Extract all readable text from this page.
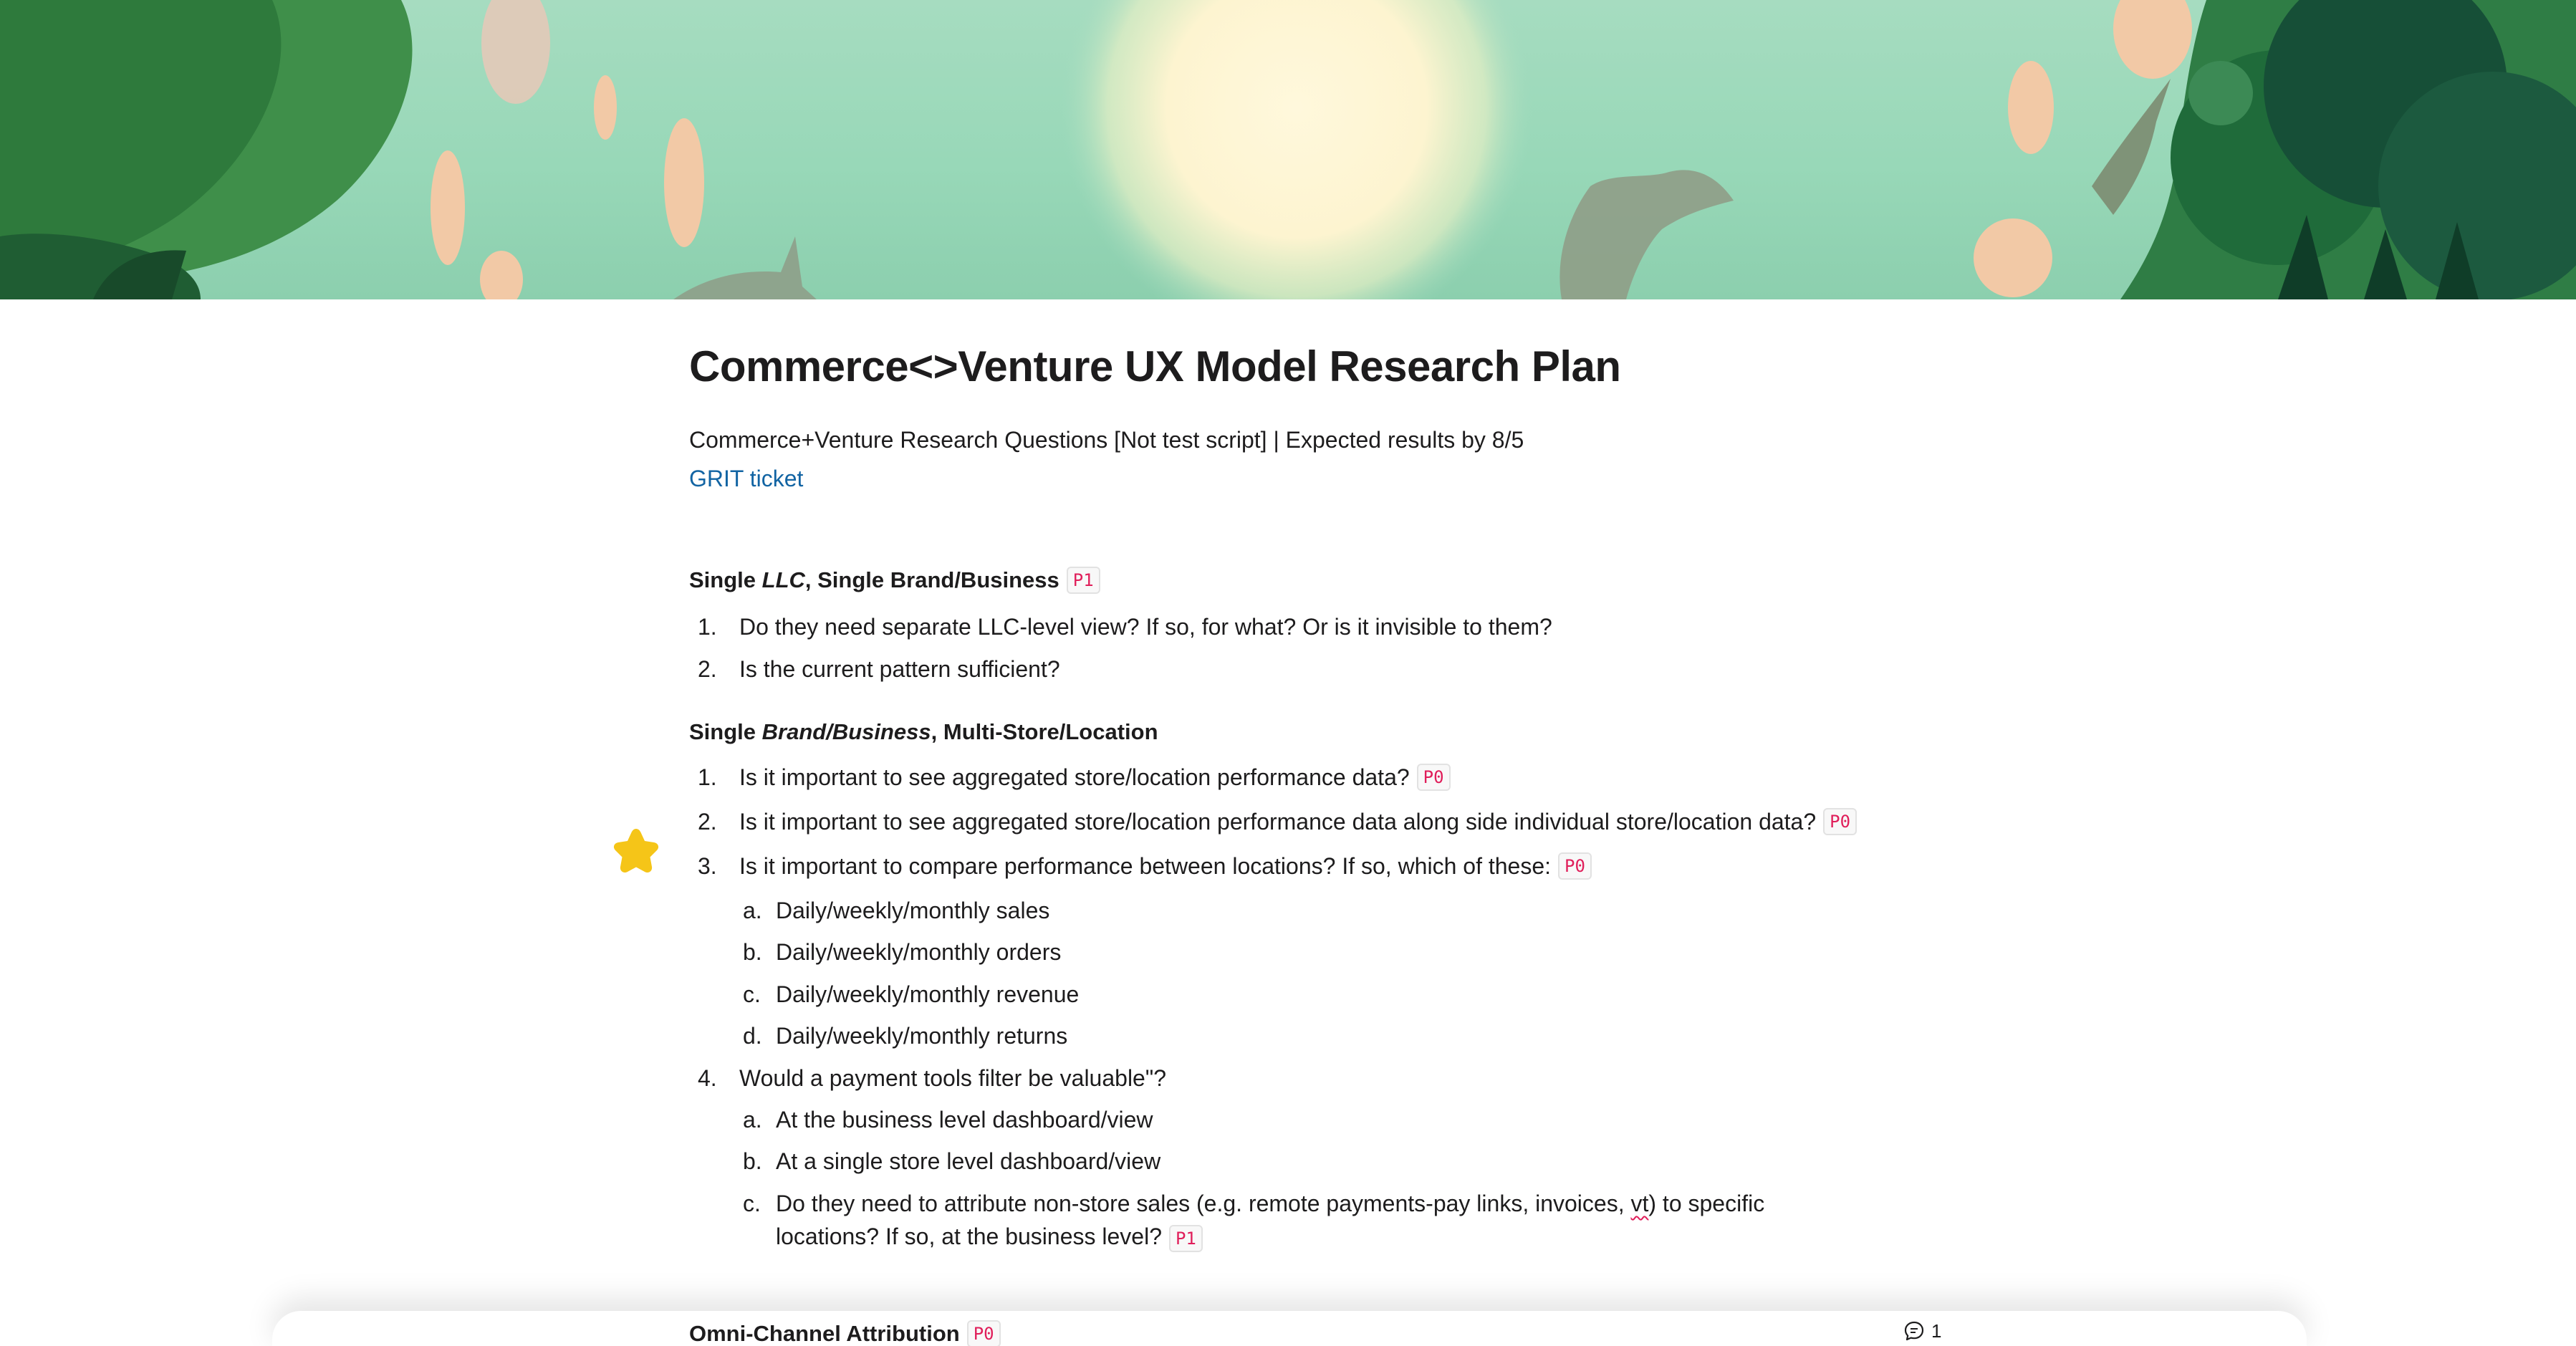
Commerce<>Venture UX Model Research Plan
Commerce+Venture Research Questions [Not test script] | Expected results by 8/5
GRIT ticket
Single LLC , Single Brand/Business P1
1. Do they need separate LLC-level view? If so, for what? Or is it invisible to them?
2. Is the current pattern sufficient?
Single Brand/Business , Multi-Store/Location
1. Is it important to see aggregated store/location performance data? P0
2. Is it important to see aggregated store/location performance data along side individual store/location data? P0
3. Is it important to compare performance between locations? If so, which of these: P0
a. Daily/weekly/monthly sales
b. Daily/weekly/monthly orders
c. Daily/weekly/monthly revenue
d. Daily/weekly/monthly returns
4. Would a payment tools filter be valuable"?
a. At the business level dashboard/view
b. At a single store level dashboard/view
c. Do they need to attribute non-store sales (e.g. remote payments-pay links, invoices, vt) to specific locations? If so, at the business level? P1
Omni-Channel Attribution P0	1
